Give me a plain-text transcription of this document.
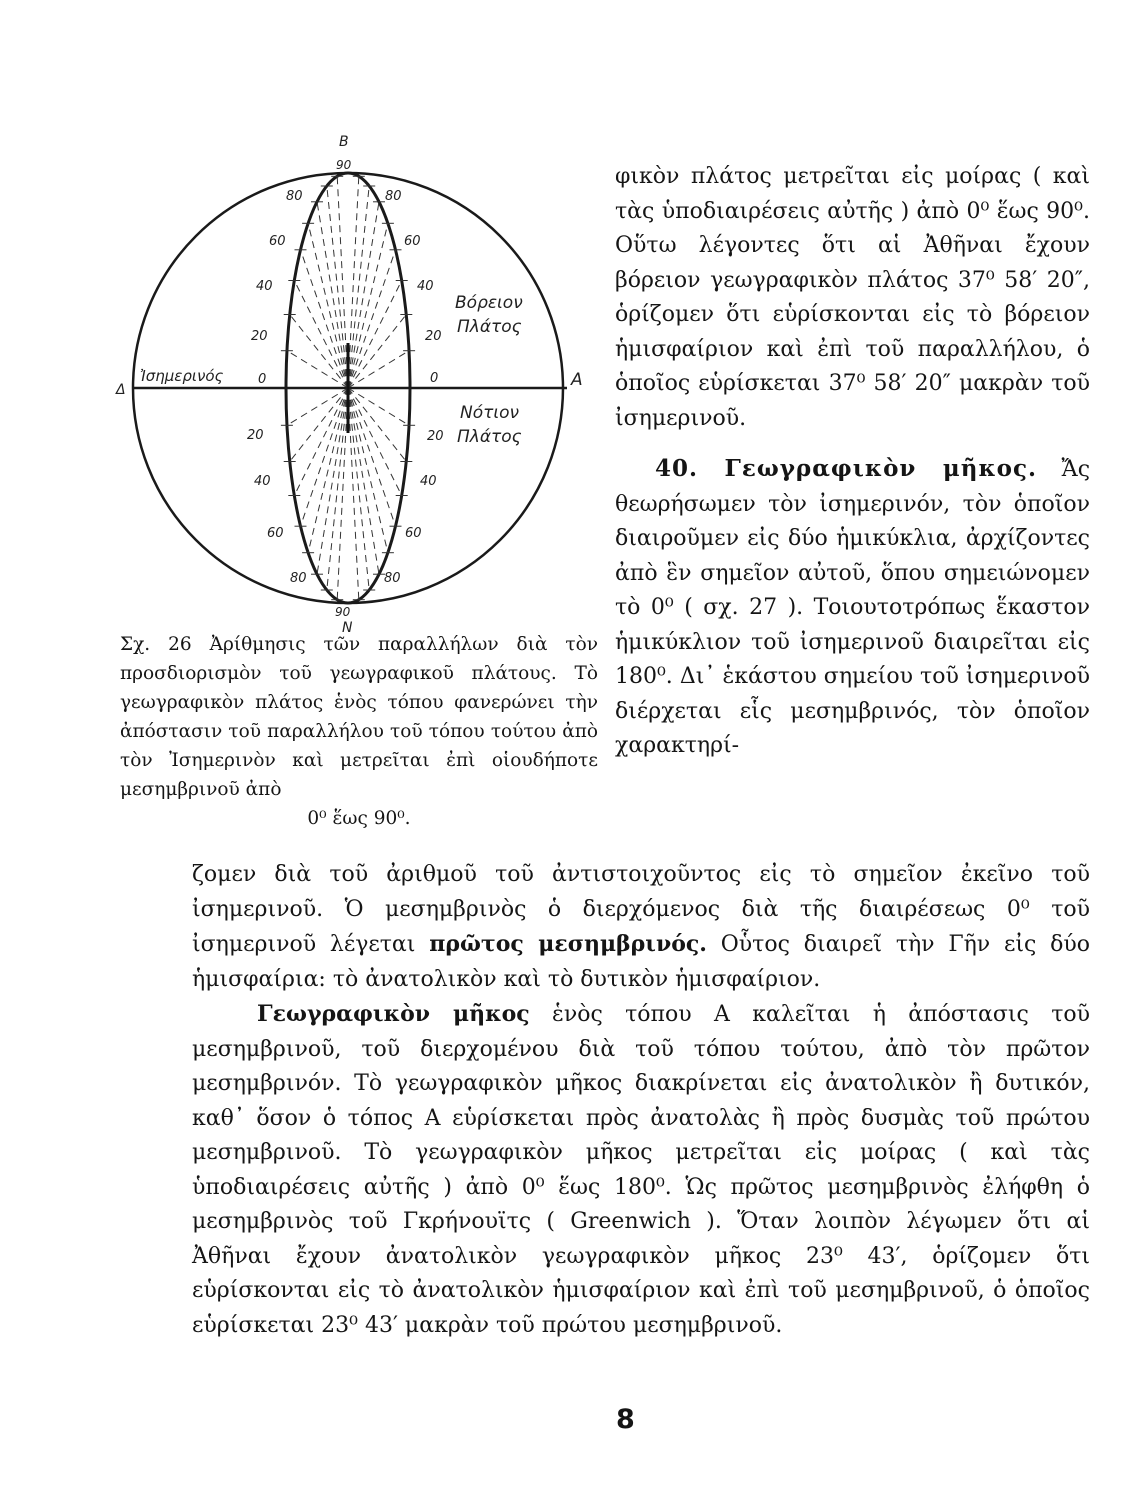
B
90
90
N
Δ	A
Ἰσημερινός
Βόρειον
Πλάτος
Νότιον
Πλάτος
80
60
40
20
0
20
40
60
80
80
60
40
20
0
20
40
60
80

Σχ. 26 Ἀρίθμησις τῶν παραλλήλων διὰ τὸν προσδιορισμὸν τοῦ γεωγραφικοῦ πλάτους. Τὸ γεωγραφικὸν πλάτος ἑνὸς τόπου φανερώνει τὴν ἀπόστασιν τοῦ παραλλήλου τοῦ τόπου τούτου ἀπὸ τὸν Ἰσημερινὸν καὶ μετρεῖται ἐπὶ οἱουδήποτε μεσημβρινοῦ ἀπὸ

0⁰ ἕως 90⁰.

φικὸν πλάτος μετρεῖται εἰς μοίρας ( καὶ τὰς ὑποδιαιρέσεις αὐτῆς ) ἀπὸ 0⁰ ἕως 90⁰. Οὕτω λέγοντες ὅτι αἱ Ἀθῆναι ἔχουν βόρειον γεωγραφικὸν πλάτος 37⁰ 58′ 20″, ὁρίζομεν ὅτι εὑρίσκονται εἰς τὸ βόρειον ἡμισφαίριον καὶ ἐπὶ τοῦ παραλλήλου, ὁ ὁποῖος εὑρίσκεται 37⁰ 58′ 20″ μακρὰν τοῦ ἰσημερινοῦ.

40. Γεωγραφικὸν μῆκος. Ἄς θεωρήσωμεν τὸν ἰσημερινόν, τὸν ὁποῖον διαιροῦμεν εἰς δύο ἡμικύκλια, ἀρχίζοντες ἀπὸ ἓν σημεῖον αὐτοῦ, ὅπου σημειώνομεν τὸ 0⁰ ( σχ. 27 ). Τοιουτοτρόπως ἕκαστον ἡμικύκλιον τοῦ ἰσημερινοῦ διαιρεῖται εἰς 180⁰. Δι᾽ ἑκάστου σημείου τοῦ ἰσημερινοῦ διέρχεται εἷς μεσημβρινός, τὸν ὁποῖον χαρακτηρί-

ζομεν διὰ τοῦ ἀριθμοῦ τοῦ ἀντιστοιχοῦντος εἰς τὸ σημεῖον ἐκεῖνο τοῦ ἰσημερινοῦ. Ὁ μεσημβρινὸς ὁ διερχόμενος διὰ τῆς διαιρέσεως 0⁰ τοῦ ἰσημερινοῦ λέγεται πρῶτος μεσημβρινός. Οὗτος διαιρεῖ τὴν Γῆν εἰς δύο ἡμισφαίρια: τὸ ἀνατολικὸν καὶ τὸ δυτικὸν ἡμισφαίριον.

Γεωγραφικὸν μῆκος ἑνὸς τόπου Α καλεῖται ἡ ἀπόστασις τοῦ μεσημβρινοῦ, τοῦ διερχομένου διὰ τοῦ τόπου τούτου, ἀπὸ τὸν πρῶτον μεσημβρινόν. Τὸ γεωγραφικὸν μῆκος διακρίνεται εἰς ἀνατολικὸν ἢ δυτικόν, καθ᾽ ὅσον ὁ τόπος Α εὑρίσκεται πρὸς ἀνατολὰς ἢ πρὸς δυσμὰς τοῦ πρώτου μεσημβρινοῦ. Τὸ γεωγραφικὸν μῆκος μετρεῖται εἰς μοίρας ( καὶ τὰς ὑποδιαιρέσεις αὐτῆς ) ἀπὸ 0⁰ ἕως 180⁰. Ὡς πρῶτος μεσημβρινὸς ἐλήφθη ὁ μεσημβρινὸς τοῦ Γκρήνουϊτς ( Greenwich ). Ὅταν λοιπὸν λέγωμεν ὅτι αἱ Ἀθῆναι ἔχουν ἀνατολικὸν γεωγραφικὸν μῆκος 23⁰ 43′, ὁρίζομεν ὅτι εὑρίσκονται εἰς τὸ ἀνατολικὸν ἡμισφαίριον καὶ ἐπὶ τοῦ μεσημβρινοῦ, ὁ ὁποῖος εὑρίσκεται 23⁰ 43′ μακρὰν τοῦ πρώτου μεσημβρινοῦ.

8
